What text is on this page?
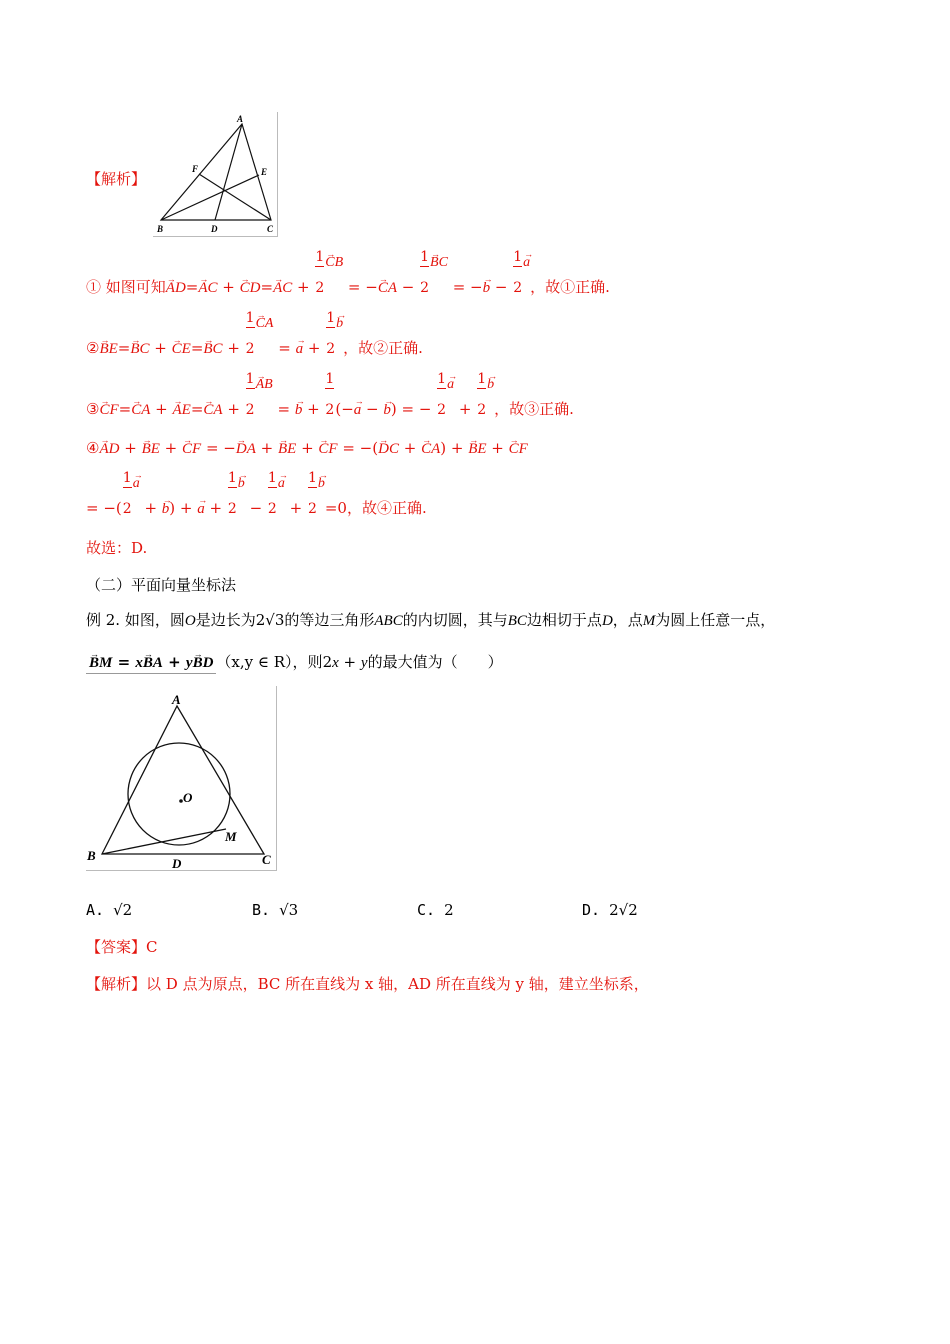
A
F	E
B	D	C
【解析】
① 如图可知→ AD=→ AC + → CD=→ AC + $\frac{1}{2}\to$ CB = −→ CA − $\frac{1}{2}\to$ BC = −→ $b - \frac{1}{2}\to a$，故①正确.
②→ BE=→ BC + → CE=→ BC + $\frac{1}{2}\to$ CA = → $a + \frac{1}{2}\to b$，故②正确.
③→ CF=→ CA + → AE=→ CA + $\frac{1}{2}\to$ AB = → $b + \frac{1}{2}(-\to a$ − → b) = − $\frac{1}{2}\to a + \frac{1}{2}\to b$，故③正确.
④→ AD + → BE + → CF = −→ DA + → BE + → CF = −(→ DC + → CA) + → BE + → CF
= −( $\frac{1}{2}\to a$ + → b) + → $a + \frac{1}{2}\to b - \frac{1}{2}\to a + \frac{1}{2}\to b=0$，故④正确.
故选：D.
（二）平面向量坐标法
例 2. 如图，圆O是边长为2√3的等边三角形ABC的内切圆，其与BC边相切于点D，点M为圆上任意一点，
→ BM = x→ BA + y→ BD （x,y ∈ R），则2x + y的最大值为（　　）
A
O
M
B
D	C
A. √2	B. √3	C. 2	D. 2√2
【答案】C
【解析】以 D 点为原点，BC 所在直线为 x 轴，AD 所在直线为 y 轴，建立坐标系，
